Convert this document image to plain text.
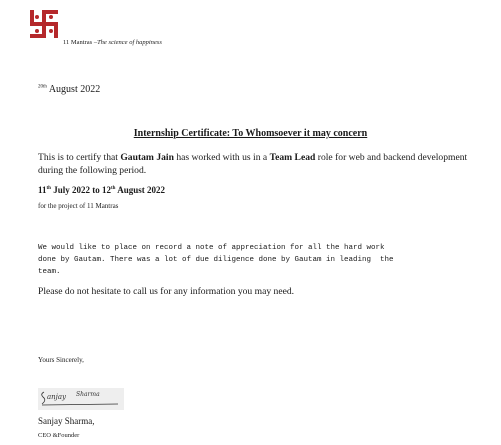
11 Mantras –The science of happiness
$^{20th}$ August 2022
Internship Certificate: To Whomsoever it may concern
This is to certify that Gautam Jain has worked with us in a Team Lead role for web and backend development during the following period.
11th July 2022 to 12th August 2022
for the project of 11 Mantras
We would like to place on record a note of appreciation for all the hard work
done by Gautam. There was a lot of due diligence done by Gautam in leading  the
team.
Please do not hesitate to call us for any information you may need.
Yours Sincerely,
anjay Sharma
Sanjay Sharma,
CEO &Founder
